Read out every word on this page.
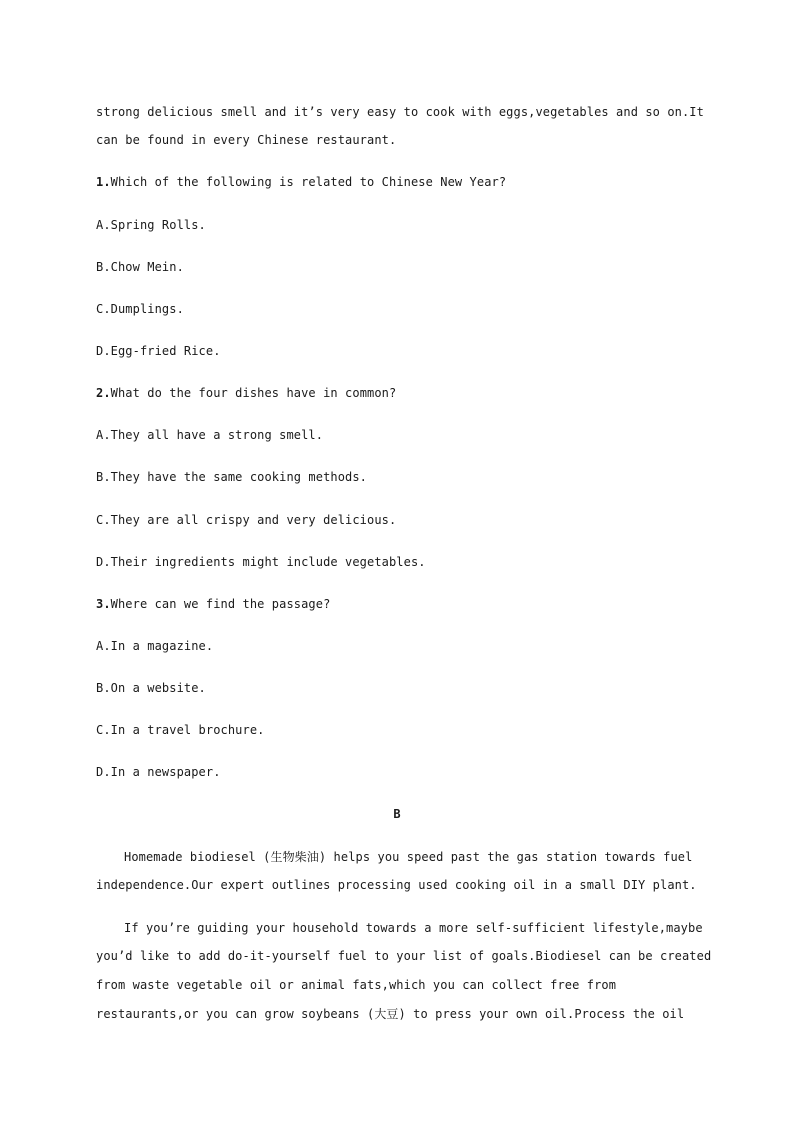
strong delicious smell and it’s very easy to cook with eggs,vegetables and so on.It
can be found in every Chinese restaurant.
1.Which of the following is related to Chinese New Year?
A.Spring Rolls.
B.Chow Mein.
C.Dumplings.
D.Egg-fried Rice.
2.What do the four dishes have in common?
A.They all have a strong smell.
B.They have the same cooking methods.
C.They are all crispy and very delicious.
D.Their ingredients might include vegetables.
3.Where can we find the passage?
A.In a magazine.
B.On a website.
C.In a travel brochure.
D.In a newspaper.
B
Homemade biodiesel (生物柴油) helps you speed past the gas station towards fuel
independence.Our expert outlines processing used cooking oil in a small DIY plant.
If you’re guiding your household towards a more self-sufficient lifestyle,maybe
you’d like to add do-it-yourself fuel to your list of goals.Biodiesel can be created
from waste vegetable oil or animal fats,which you can collect free from
restaurants,or you can grow soybeans (大豆) to press your own oil.Process the oil
